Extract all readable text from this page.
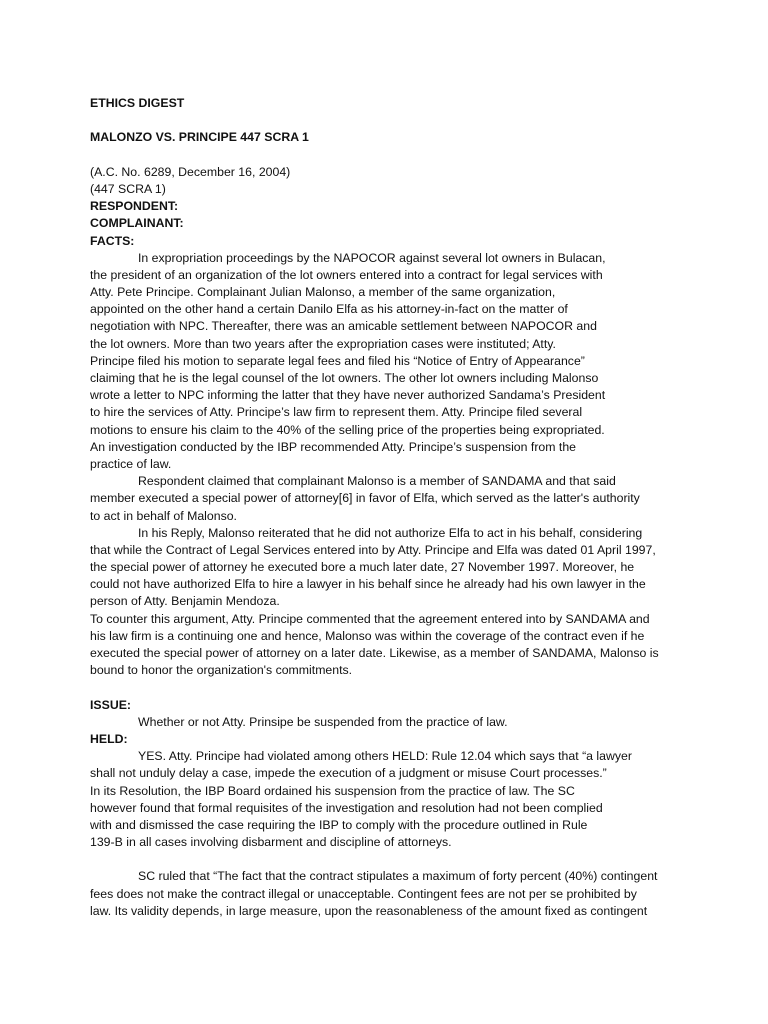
ETHICS DIGEST
MALONZO VS. PRINCIPE 447 SCRA 1
(A.C. No. 6289, December 16, 2004)
(447 SCRA 1)
RESPONDENT:
COMPLAINANT:
FACTS:
In expropriation proceedings by the NAPOCOR against several lot owners in Bulacan,
the president of an organization of the lot owners entered into a contract for legal services with
Atty. Pete Principe. Complainant Julian Malonso, a member of the same organization,
appointed on the other hand a certain Danilo Elfa as his attorney-in-fact on the matter of
negotiation with NPC. Thereafter, there was an amicable settlement between NAPOCOR and
the lot owners. More than two years after the expropriation cases were instituted; Atty.
Principe filed his motion to separate legal fees and filed his “Notice of Entry of Appearance”
claiming that he is the legal counsel of the lot owners. The other lot owners including Malonso
wrote a letter to NPC informing the latter that they have never authorized Sandama’s President
to hire the services of Atty. Principe’s law firm to represent them. Atty. Principe filed several
motions to ensure his claim to the 40% of the selling price of the properties being expropriated.
An investigation conducted by the IBP recommended Atty. Principe’s suspension from the
practice of law.
Respondent claimed that complainant Malonso is a member of SANDAMA and that said
member executed a special power of attorney[6] in favor of Elfa, which served as the latter's authority
to act in behalf of Malonso.
In his Reply, Malonso reiterated that he did not authorize Elfa to act in his behalf, considering
that while the Contract of Legal Services entered into by Atty. Principe and Elfa was dated 01 April 1997,
the special power of attorney he executed bore a much later date, 27 November 1997. Moreover, he
could not have authorized Elfa to hire a lawyer in his behalf since he already had his own lawyer in the
person of Atty. Benjamin Mendoza.
To counter this argument, Atty. Principe commented that the agreement entered into by SANDAMA and
his law firm is a continuing one and hence, Malonso was within the coverage of the contract even if he
executed the special power of attorney on a later date. Likewise, as a member of SANDAMA, Malonso is
bound to honor the organization's commitments.
ISSUE:
Whether or not Atty. Prinsipe be suspended from the practice of law.
HELD:
YES. Atty. Principe had violated among others HELD: Rule 12.04 which says that “a lawyer
shall not unduly delay a case, impede the execution of a judgment or misuse Court processes.”
In its Resolution, the IBP Board ordained his suspension from the practice of law. The SC
however found that formal requisites of the investigation and resolution had not been complied
with and dismissed the case requiring the IBP to comply with the procedure outlined in Rule
139-B in all cases involving disbarment and discipline of attorneys.
SC ruled that “The fact that the contract stipulates a maximum of forty percent (40%) contingent
fees does not make the contract illegal or unacceptable. Contingent fees are not per se prohibited by
law. Its validity depends, in large measure, upon the reasonableness of the amount fixed as contingent
